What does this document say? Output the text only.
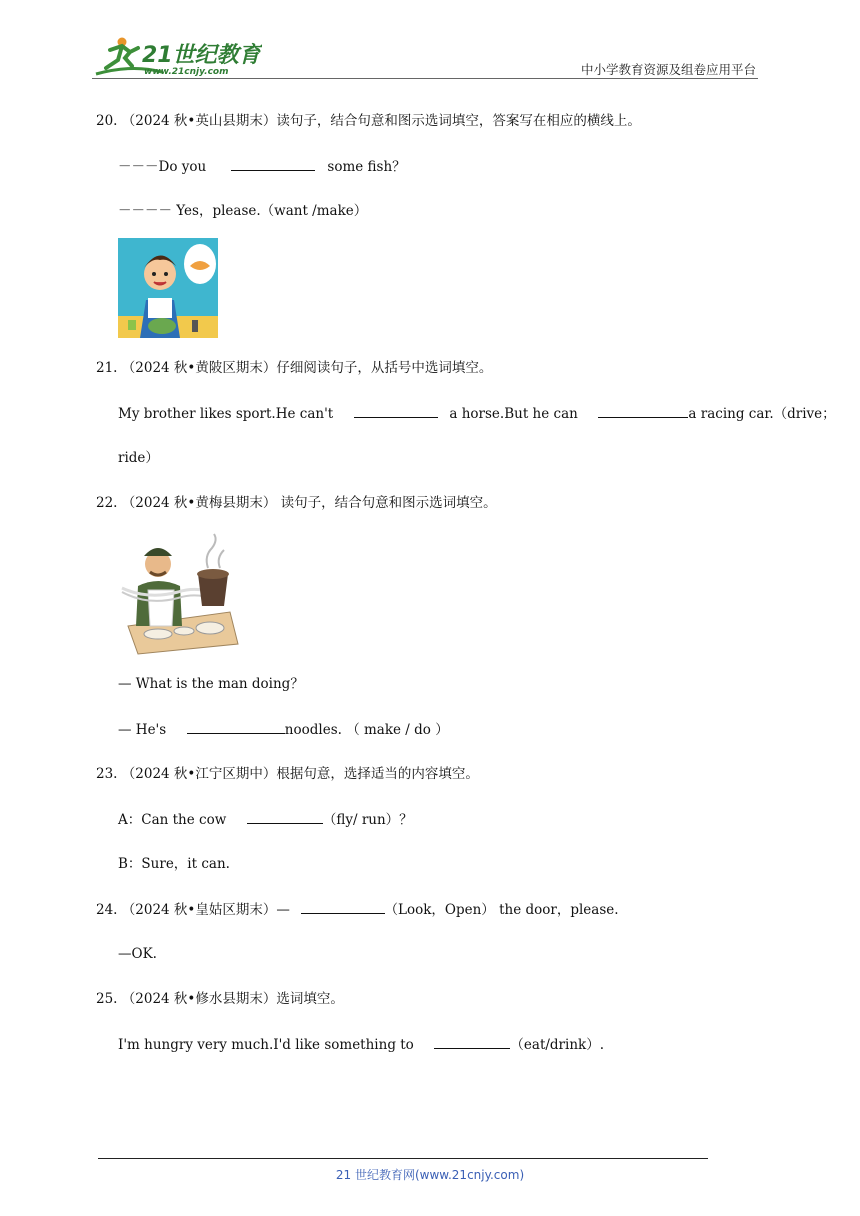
21世纪教育
www.21cnjy.com	中小学教育资源及组卷应用平台
20. （2024 秋•英山县期末）读句子，结合句意和图示选词填空，答案写在相应的横线上。
－－－Do you	some fish？
－－－－ Yes，please.（want /make）
21. （2024 秋•黄陂区期末）仔细阅读句子，从括号中选词填空。
My brother likes sport.He can't	a horse.But he can	a racing car.（drive；
ride）
22. （2024 秋•黄梅县期末） 读句子，结合句意和图示选词填空。
— What is the man doing？
— He's	noodles. （ make / do ）
23. （2024 秋•江宁区期中）根据句意，选择适当的内容填空。
A：Can the cow	（fly/ run）？
B：Sure，it can.
24. （2024 秋•皇姑区期末）—	（Look，Open） the door，please.
—OK.
25. （2024 秋•修水县期末）选词填空。
I'm hungry very much.I'd like something to	（eat/drink）.
21 世纪教育网(www.21cnjy.com)
